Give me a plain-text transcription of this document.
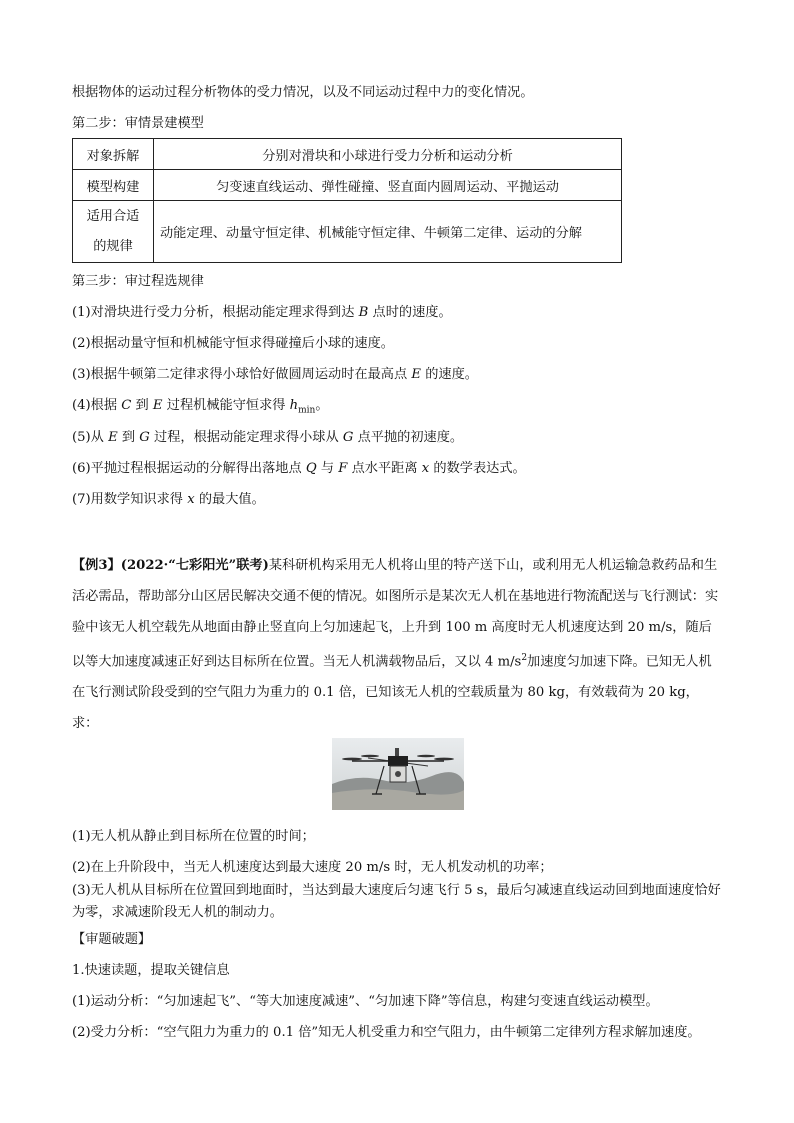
根据物体的运动过程分析物体的受力情况，以及不同运动过程中力的变化情况。
第二步：审情景建模型
对象拆解	分别对滑块和小球进行受力分析和运动分析
模型构建	匀变速直线运动、弹性碰撞、竖直面内圆周运动、平抛运动
适用合适
的规律	动能定理、动量守恒定律、机械能守恒定律、牛顿第二定律、运动的分解
第三步：审过程选规律
(1)对滑块进行受力分析，根据动能定理求得到达 B 点时的速度。
(2)根据动量守恒和机械能守恒求得碰撞后小球的速度。
(3)根据牛顿第二定律求得小球恰好做圆周运动时在最高点 E 的速度。
(4)根据 C 到 E 过程机械能守恒求得 $h_{min}$。
(5)从 E 到 G 过程，根据动能定理求得小球从 G 点平抛的初速度。
(6)平抛过程根据运动的分解得出落地点 Q 与 F 点水平距离 x 的数学表达式。
(7)用数学知识求得 x 的最大值。
【例3】(2022·“七彩阳光”联考)某科研机构采用无人机将山里的特产送下山，或利用无人机运输急救药品和生活必需品，帮助部分山区居民解决交通不便的情况。如图所示是某次无人机在基地进行物流配送与飞行测试：实验中该无人机空载先从地面由静止竖直向上匀加速起飞，上升到 100 m 高度时无人机速度达到 20 m/s，随后以等大加速度减速正好到达目标所在位置。当无人机满载物品后，又以 4 $m/s^2$加速度匀加速下降。已知无人机在飞行测试阶段受到的空气阻力为重力的 0.1 倍，已知该无人机的空载质量为 80 kg，有效载荷为 20 kg，求：
(1)无人机从静止到目标所在位置的时间；
(2)在上升阶段中，当无人机速度达到最大速度 20 m/s 时，无人机发动机的功率；
(3)无人机从目标所在位置回到地面时，当达到最大速度后匀速飞行 5 s，最后匀减速直线运动回到地面速度恰好为零，求减速阶段无人机的制动力。
【审题破题】
1.快速读题，提取关键信息
(1)运动分析：“匀加速起飞”、“等大加速度减速”、“匀加速下降”等信息，构建匀变速直线运动模型。
(2)受力分析：“空气阻力为重力的 0.1 倍”知无人机受重力和空气阻力，由牛顿第二定律列方程求解加速度。
